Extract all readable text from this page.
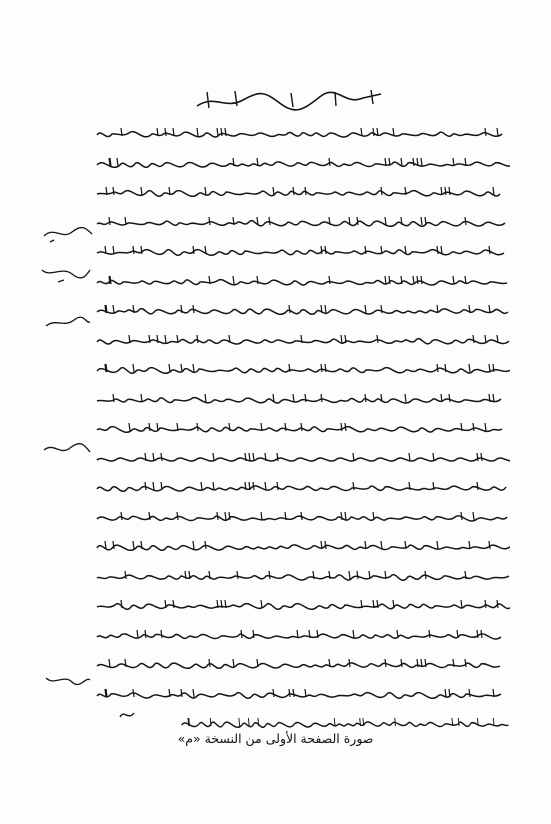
صورة الصفحة الأولى من النسخة «م»
